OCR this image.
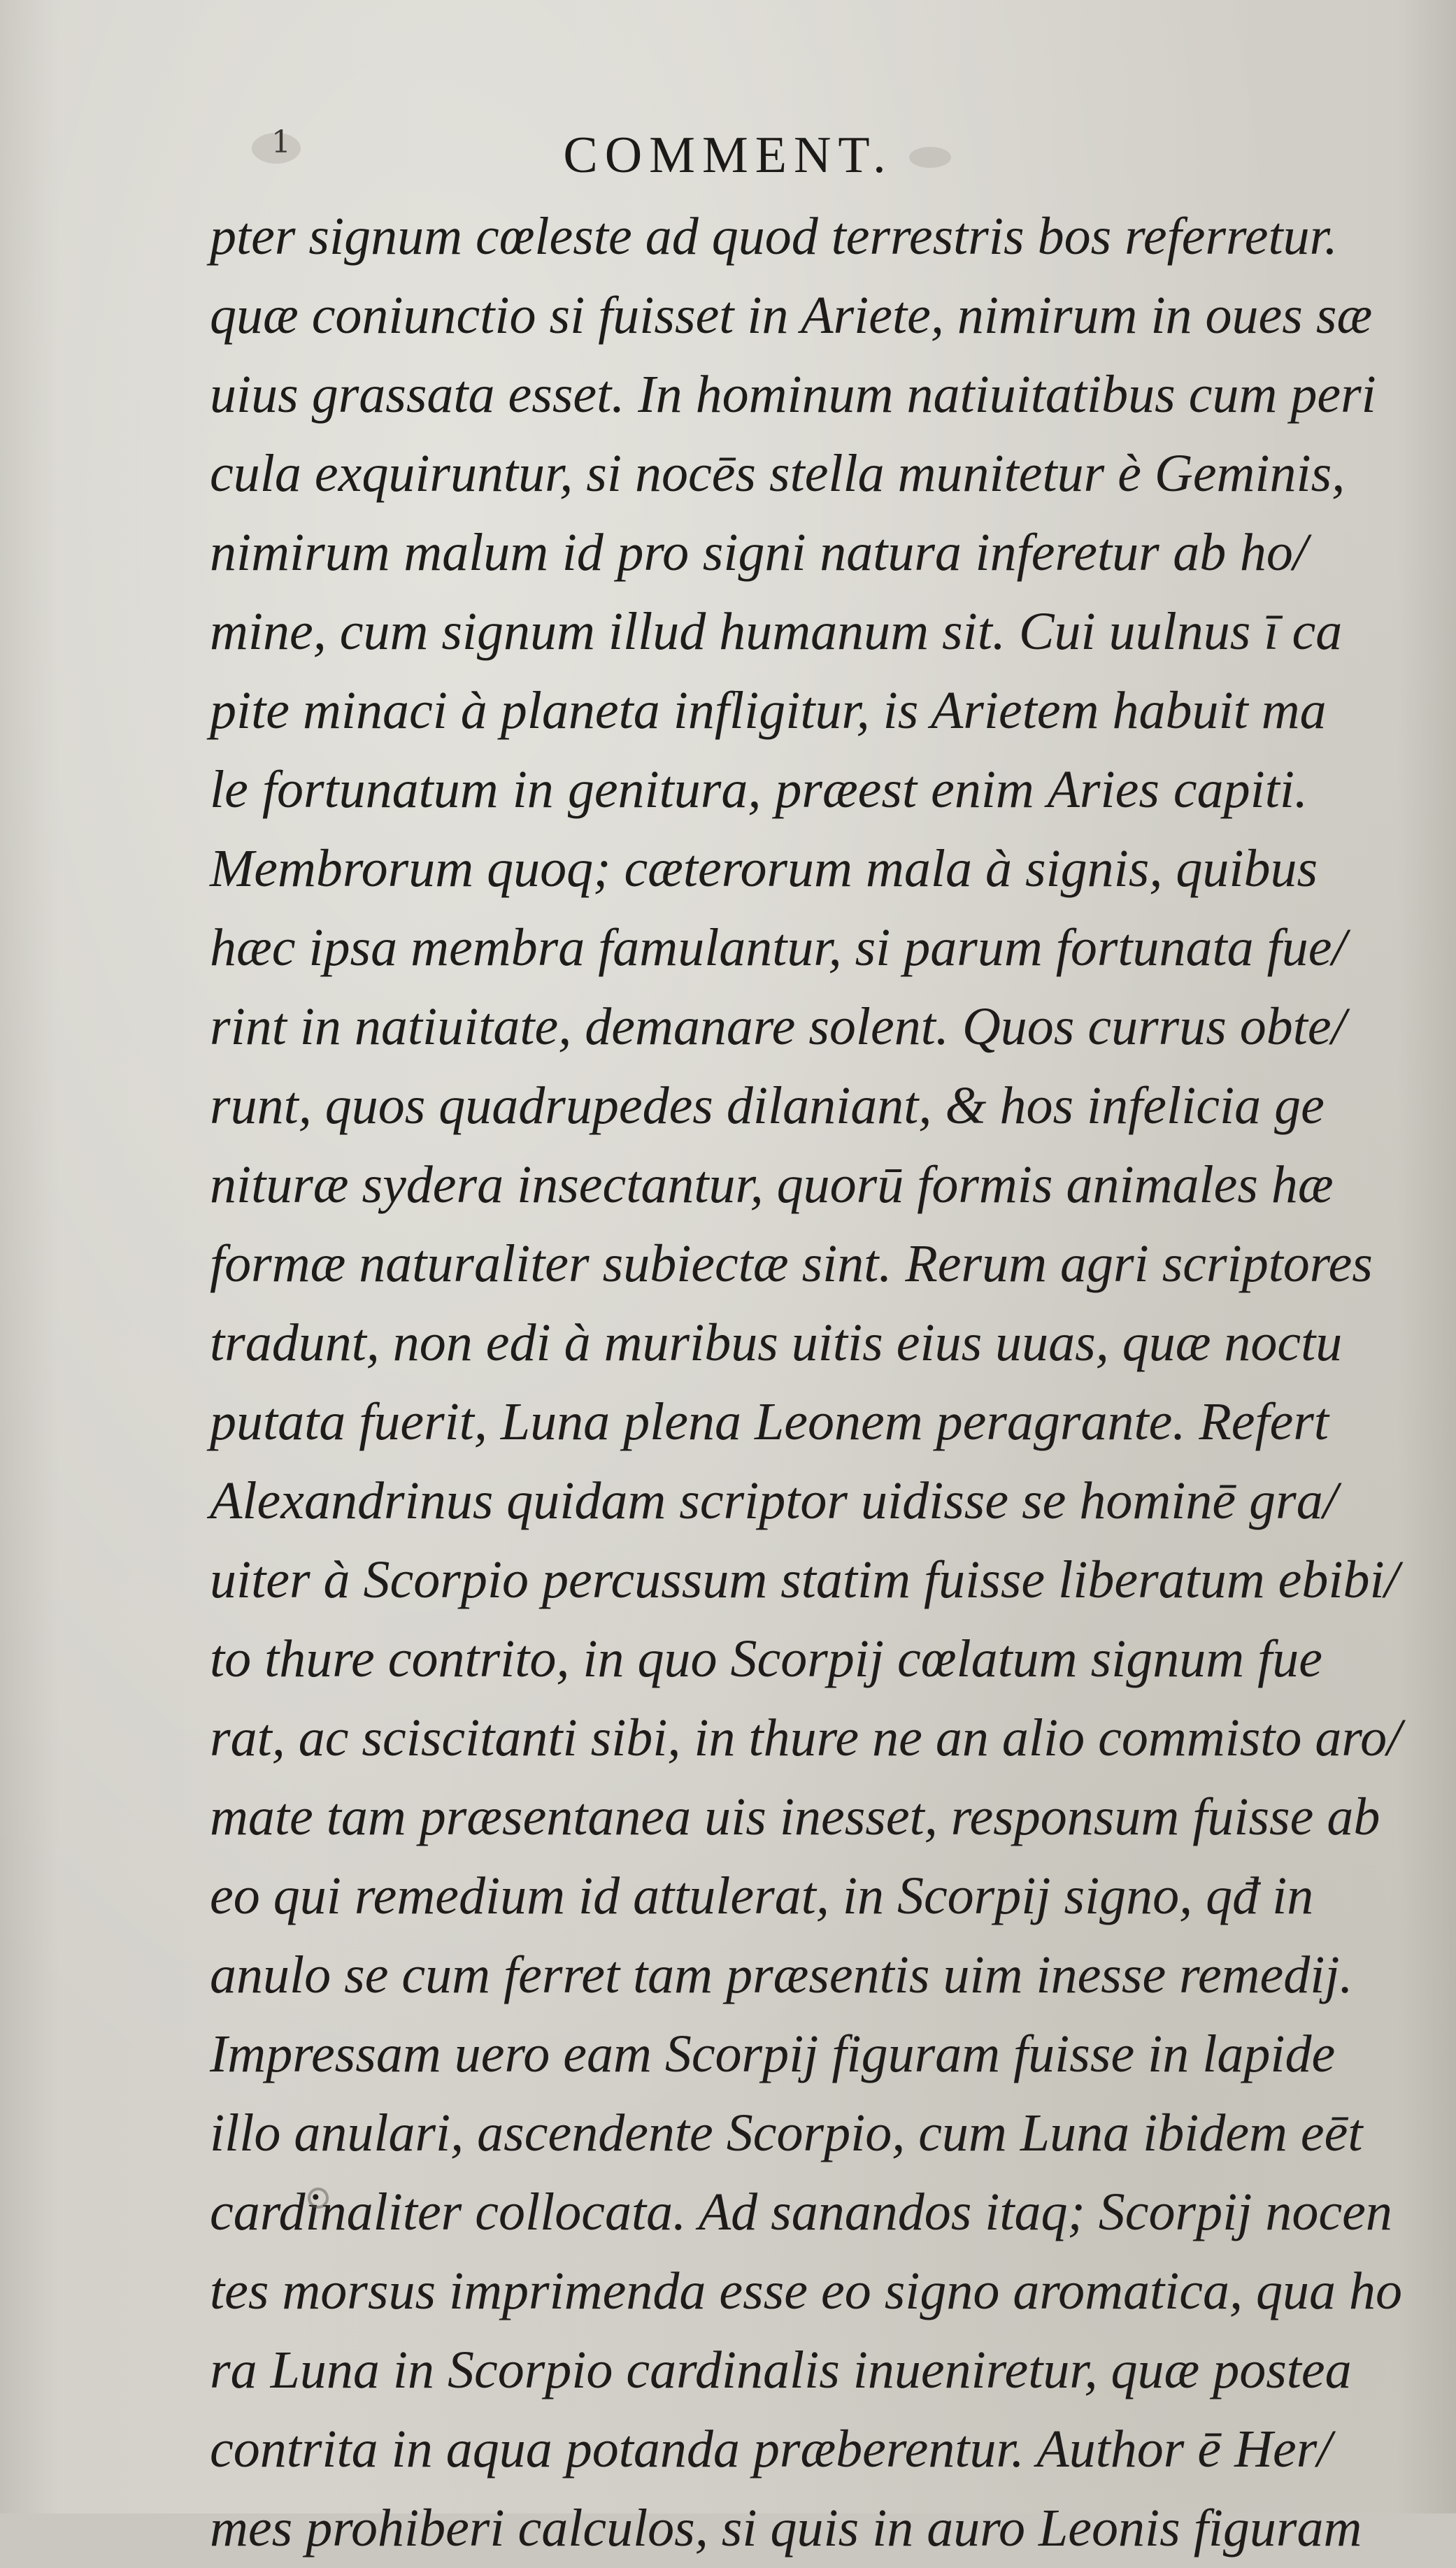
1	COMMENT.
pter signum cœleste ad quod terrestris bos referretur.
quæ coniunctio si fuisset in Ariete, nimirum in oues sæ
uius grassata esset. In hominum natiuitatibus cum peri
cula exquiruntur, si nocēs stella munitetur è Geminis,
nimirum malum id pro signi natura inferetur ab ho/
mine, cum signum illud humanum sit. Cui uulnus ī ca
pite minaci à planeta infligitur, is Arietem habuit ma
le fortunatum in genitura, præest enim Aries capiti.
Membrorum quoq; cæterorum mala à signis, quibus
hæc ipsa membra famulantur, si parum fortunata fue/
rint in natiuitate, demanare solent. Quos currus obte/
runt, quos quadrupedes dilaniant, & hos infelicia ge
nituræ sydera insectantur, quorū formis animales hæ
formæ naturaliter subiectæ sint. Rerum agri scriptores
tradunt, non edi à muribus uitis eius uuas, quæ noctu
putata fuerit, Luna plena Leonem peragrante. Refert
Alexandrinus quidam scriptor uidisse se hominē gra/
uiter à Scorpio percussum statim fuisse liberatum ebibi/
to thure contrito, in quo Scorpij cœlatum signum fue
rat, ac sciscitanti sibi, in thure ne an alio commisto aro/
mate tam præsentanea uis inesset, responsum fuisse ab
eo qui remedium id attulerat, in Scorpij signo, qđ in
anulo se cum ferret tam præsentis uim inesse remedij.
Impressam uero eam Scorpij figuram fuisse in lapide
illo anulari, ascendente Scorpio, cum Luna ibidem eēt
cardinaliter collocata. Ad sanandos itaq; Scorpij nocen
tes morsus imprimenda esse eo signo aromatica, qua ho
ra Luna in Scorpio cardinalis inueniretur, quæ postea
contrita in aqua potanda præberentur. Author ē Her/
mes prohiberi calculos, si quis in auro Leonis figuram
